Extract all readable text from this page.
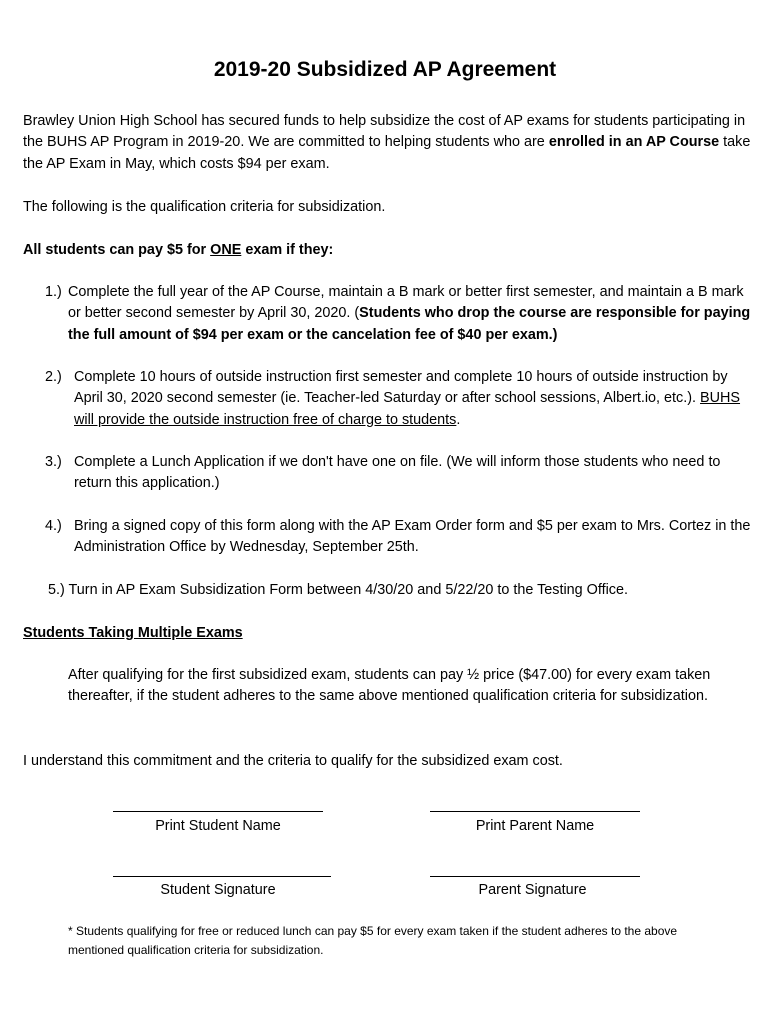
2019-20 Subsidized AP Agreement
Brawley Union High School has secured funds to help subsidize the cost of AP exams for students participating in the BUHS AP Program in 2019-20. We are committed to helping students who are enrolled in an AP Course take the AP Exam in May, which costs $94 per exam.
The following is the qualification criteria for subsidization.
All students can pay $5 for ONE exam if they:
1.) Complete the full year of the AP Course, maintain a B mark or better first semester, and maintain a B mark or better second semester by April 30, 2020. (Students who drop the course are responsible for paying the full amount of $94 per exam or the cancelation fee of $40 per exam.)
2.) Complete 10 hours of outside instruction first semester and complete 10 hours of outside instruction by April 30, 2020 second semester (ie. Teacher-led Saturday or after school sessions, Albert.io, etc.). BUHS will provide the outside instruction free of charge to students.
3.) Complete a Lunch Application if we don't have one on file. (We will inform those students who need to return this application.)
4.) Bring a signed copy of this form along with the AP Exam Order form and $5 per exam to Mrs. Cortez in the Administration Office by Wednesday, September 25th.
5.) Turn in AP Exam Subsidization Form between 4/30/20 and 5/22/20 to the Testing Office.
Students Taking Multiple Exams
After qualifying for the first subsidized exam, students can pay ½ price ($47.00) for every exam taken thereafter, if the student adheres to the same above mentioned qualification criteria for subsidization.
I understand this commitment and the criteria to qualify for the subsidized exam cost.
Print Student Name	Print Parent Name
Student Signature	Parent Signature
* Students qualifying for free or reduced lunch can pay $5 for every exam taken if the student adheres to the above mentioned qualification criteria for subsidization.
